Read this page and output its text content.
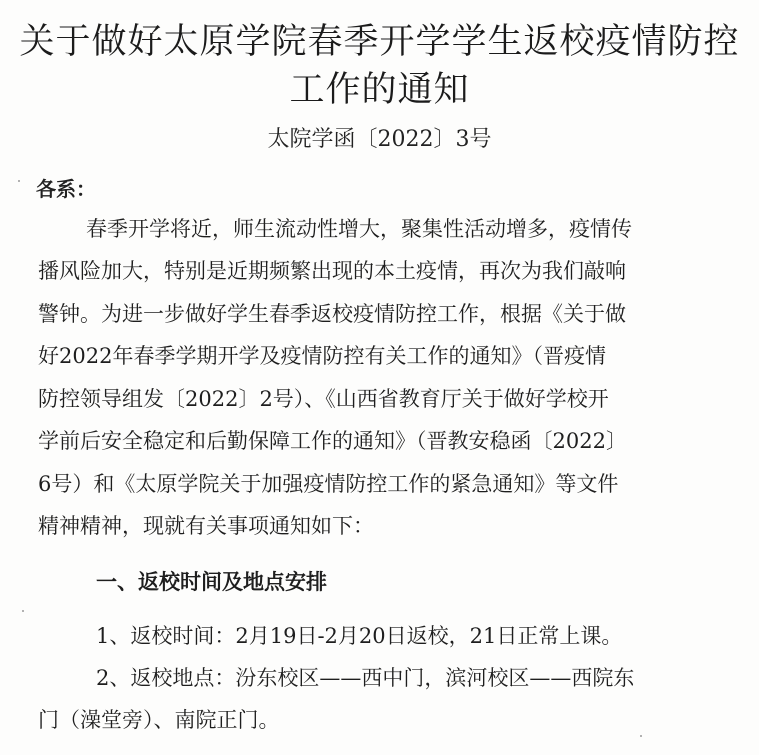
关于做好太原学院春季开学学生返校疫情防控
工作的通知
太院学函〔2022〕3号
各系：
春季开学将近，师生流动性增大，聚集性活动增多，疫情传
播风险加大，特别是近期频繁出现的本土疫情，再次为我们敲响
警钟。为进一步做好学生春季返校疫情防控工作，根据《关于做
好2022年春季学期开学及疫情防控有关工作的通知》（晋疫情
防控领导组发〔2022〕2号）、《山西省教育厅关于做好学校开
学前后安全稳定和后勤保障工作的通知》（晋教安稳函〔2022〕
6号）和《太原学院关于加强疫情防控工作的紧急通知》等文件
精神精神，现就有关事项通知如下：
一、返校时间及地点安排
1、返校时间：2月19日-2月20日返校，21日正常上课。
2、返校地点：汾东校区——西中门，滨河校区——西院东
门（澡堂旁）、南院正门。
